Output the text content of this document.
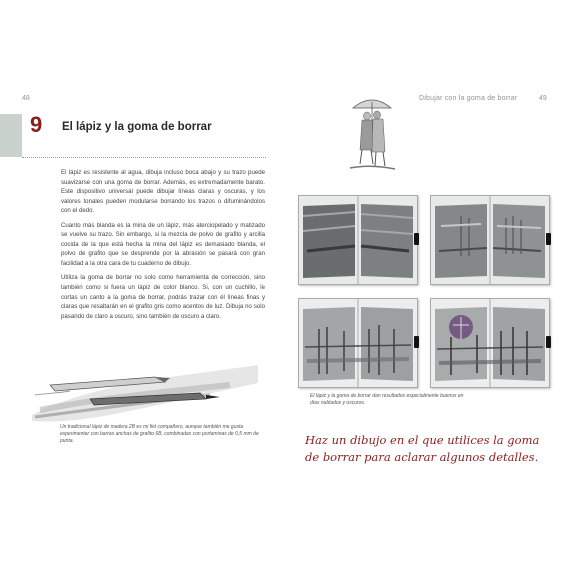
48
9 El lápiz y la goma de borrar

El lápiz es resistente al agua, dibuja incluso boca abajo y su trazo puede suavizarse con una goma de borrar. Además, es extremadamente barato. Este dispositivo universal puede dibujar líneas claras y oscuras, y los valores tonales pueden modularse borrando los trazos o difuminándolos con el dedo.

Cuanto más blanda es la mina de un lápiz, más aterciopelado y matizado se vuelve su trazo. Sin embargo, si la mezcla de polvo de grafito y arcilla cocida de la que está hecha la mina del lápiz es demasiado blanda, el polvo de grafito que se desprende por la abrasión se pasará con gran facilidad a la otra cara de tu cuaderno de dibujo.

Utiliza la goma de borrar no solo como herramienta de corrección, sino también como si fuera un lápiz de color blanco. Si, con un cuchillo, le cortas un canto a la goma de borrar, podrás trazar con él líneas finas y claras que resaltarán en el grafito gris como acentos de luz. Dibuja no solo pasando de claro a oscuro, sino también de oscuro a claro.

Un tradicional lápiz de madera 2B es mi fiel compañero, aunque también me gusta experimentar con barras anchas de grafito 6B, combinadas con portaminas de 0,5 mm de punta.
Dibujar con la goma de borrar	49
El lápiz y la goma de borrar dan resultados especialmente buenos en días nublados y oscuros.
Haz un dibujo en el que utilices la goma de borrar para aclarar algunos detalles.
